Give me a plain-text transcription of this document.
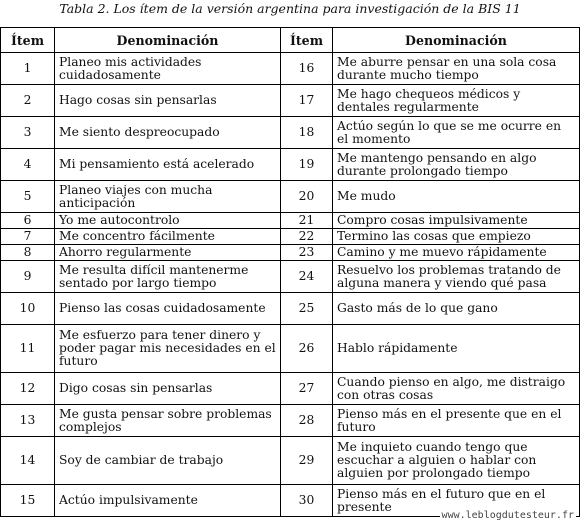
Tabla 2. Los ítem de la versión argentina para investigación de la BIS 11
Ítem	Denominación	Ítem	Denominación
1	Planeo mis actividades cuidadosamente	16	Me aburre pensar en una sola cosa durante mucho tiempo
2	Hago cosas sin pensarlas	17	Me hago chequeos médicos y dentales regularmente
3	Me siento despreocupado	18	Actúo según lo que se me ocurre en el momento
4	Mi pensamiento está acelerado	19	Me mantengo pensando en algo durante prolongado tiempo
5	Planeo viajes con mucha anticipación	20	Me mudo
6	Yo me autocontrolo	21	Compro cosas impulsivamente
7	Me concentro fácilmente	22	Termino las cosas que empiezo
8	Ahorro regularmente	23	Camino y me muevo rápidamente
9	Me resulta difícil mantenerme sentado por largo tiempo	24	Resuelvo los problemas tratando de alguna manera y viendo qué pasa
10	Pienso las cosas cuidadosamente	25	Gasto más de lo que gano
11	Me esfuerzo para tener dinero y poder pagar mis necesidades en el futuro	26	Hablo rápidamente
12	Digo cosas sin pensarlas	27	Cuando pienso en algo, me distraigo con otras cosas
13	Me gusta pensar sobre problemas complejos	28	Pienso más en el presente que en el futuro
14	Soy de cambiar de trabajo	29	Me inquieto cuando tengo que escuchar a alguien o hablar con alguien por prolongado tiempo
15	Actúo impulsivamente	30	Pienso más en el futuro que en el presente
www.leblogdutesteur.fr
